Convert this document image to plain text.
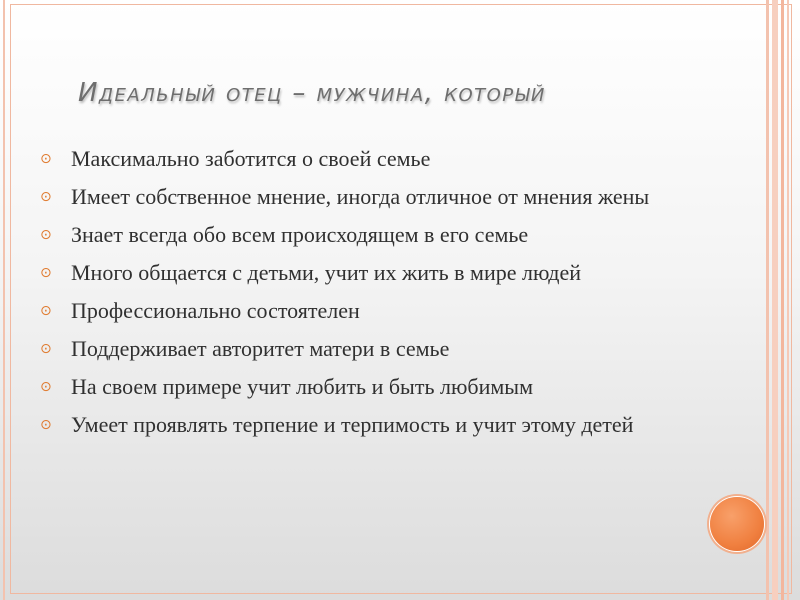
Идеальный отец – мужчина, который
⊙ Максимально заботится о своей семье
⊙ Имеет собственное мнение, иногда отличное от мнения жены
⊙ Знает всегда обо всем происходящем в его семье
⊙ Много общается с детьми, учит их жить в мире людей
⊙ Профессионально состоятелен
⊙ Поддерживает авторитет матери в семье
⊙ На своем примере учит любить и быть любимым
⊙ Умеет проявлять терпение и терпимость и учит этому детей
